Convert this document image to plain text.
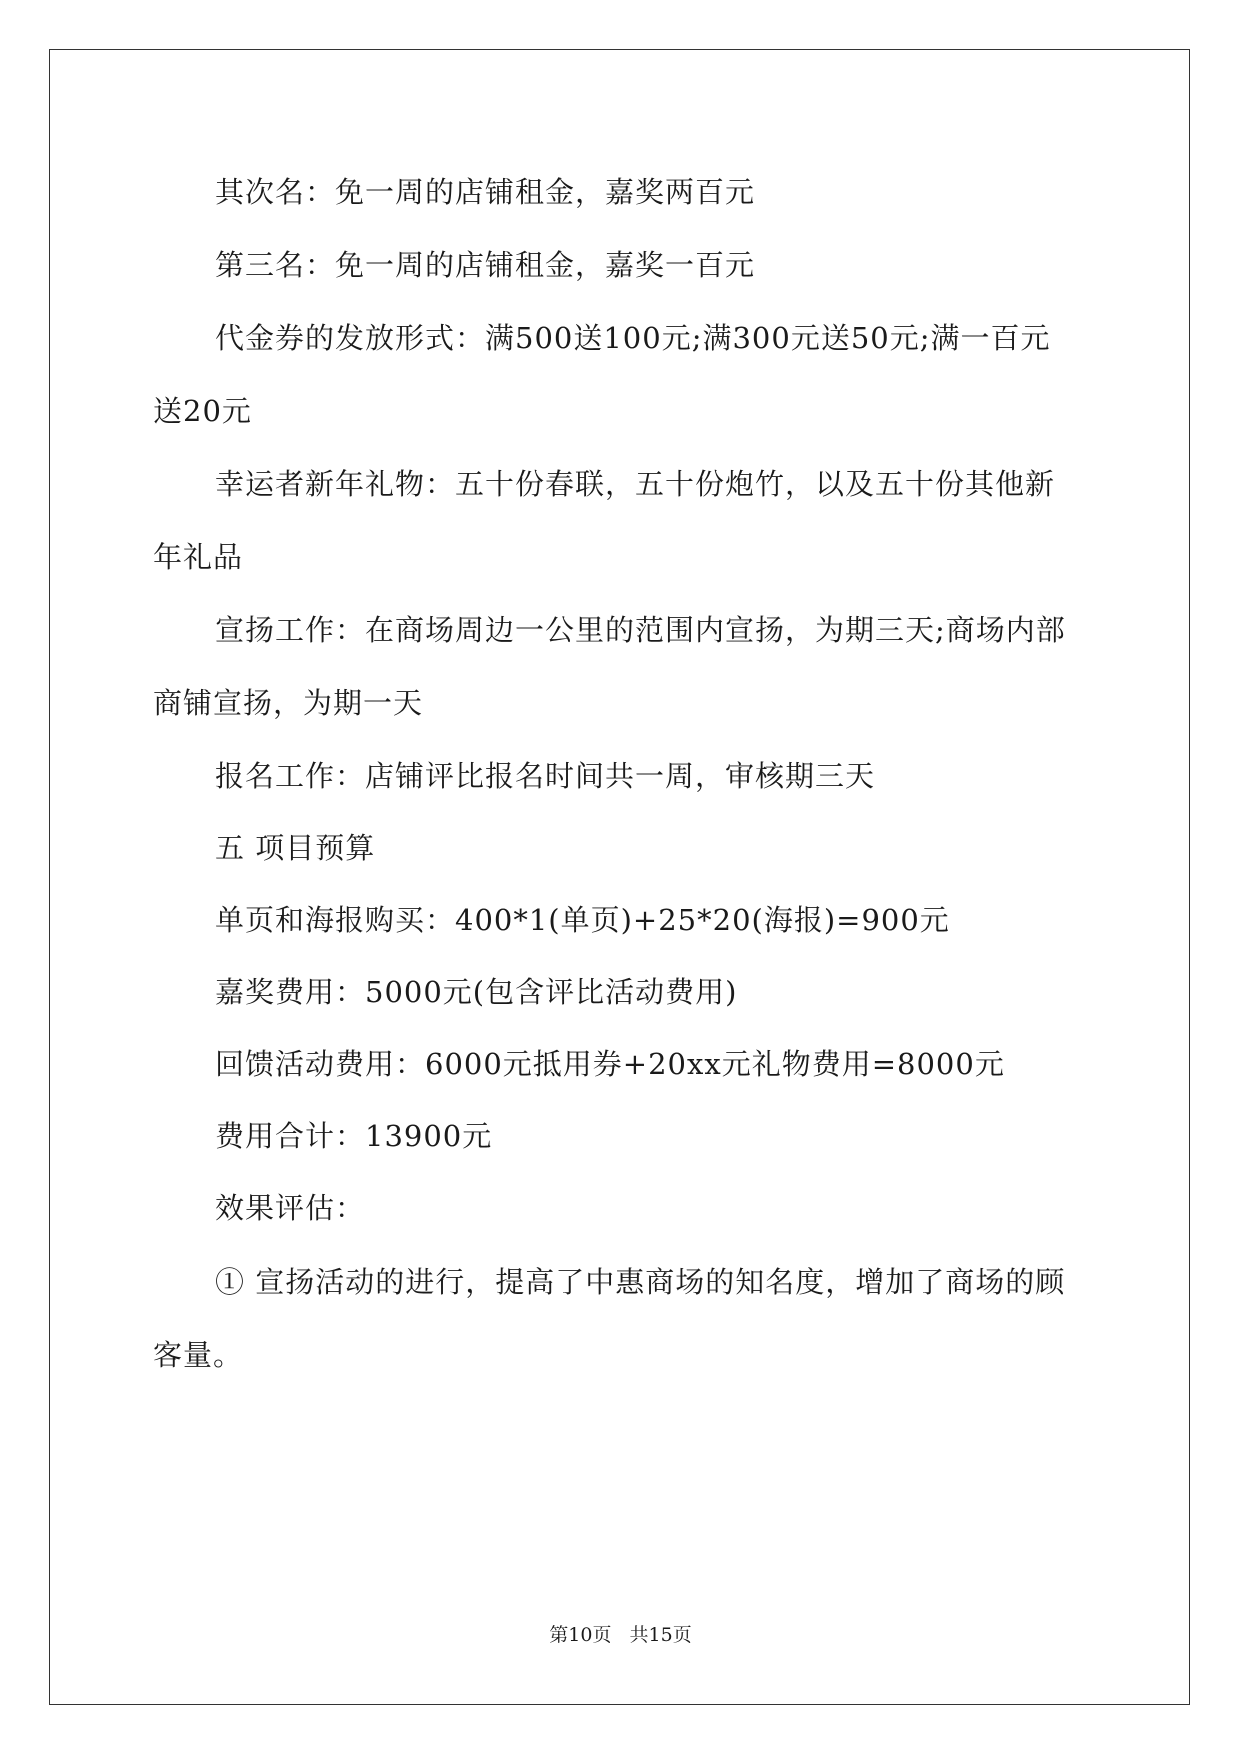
其次名：免一周的店铺租金，嘉奖两百元
第三名：免一周的店铺租金，嘉奖一百元
代金券的发放形式：满500送100元;满300元送50元;满一百元
送20元
幸运者新年礼物：五十份春联，五十份炮竹，以及五十份其他新
年礼品
宣扬工作：在商场周边一公里的范围内宣扬，为期三天;商场内部
商铺宣扬，为期一天
报名工作：店铺评比报名时间共一周，审核期三天
五 项目预算
单页和海报购买：400*1(单页)+25*20(海报)=900元
嘉奖费用：5000元(包含评比活动费用)
回馈活动费用：6000元抵用券+20xx元礼物费用=8000元
费用合计：13900元
效果评估：
① 宣扬活动的进行，提高了中惠商场的知名度，增加了商场的顾
客量。
第10页 共15页
